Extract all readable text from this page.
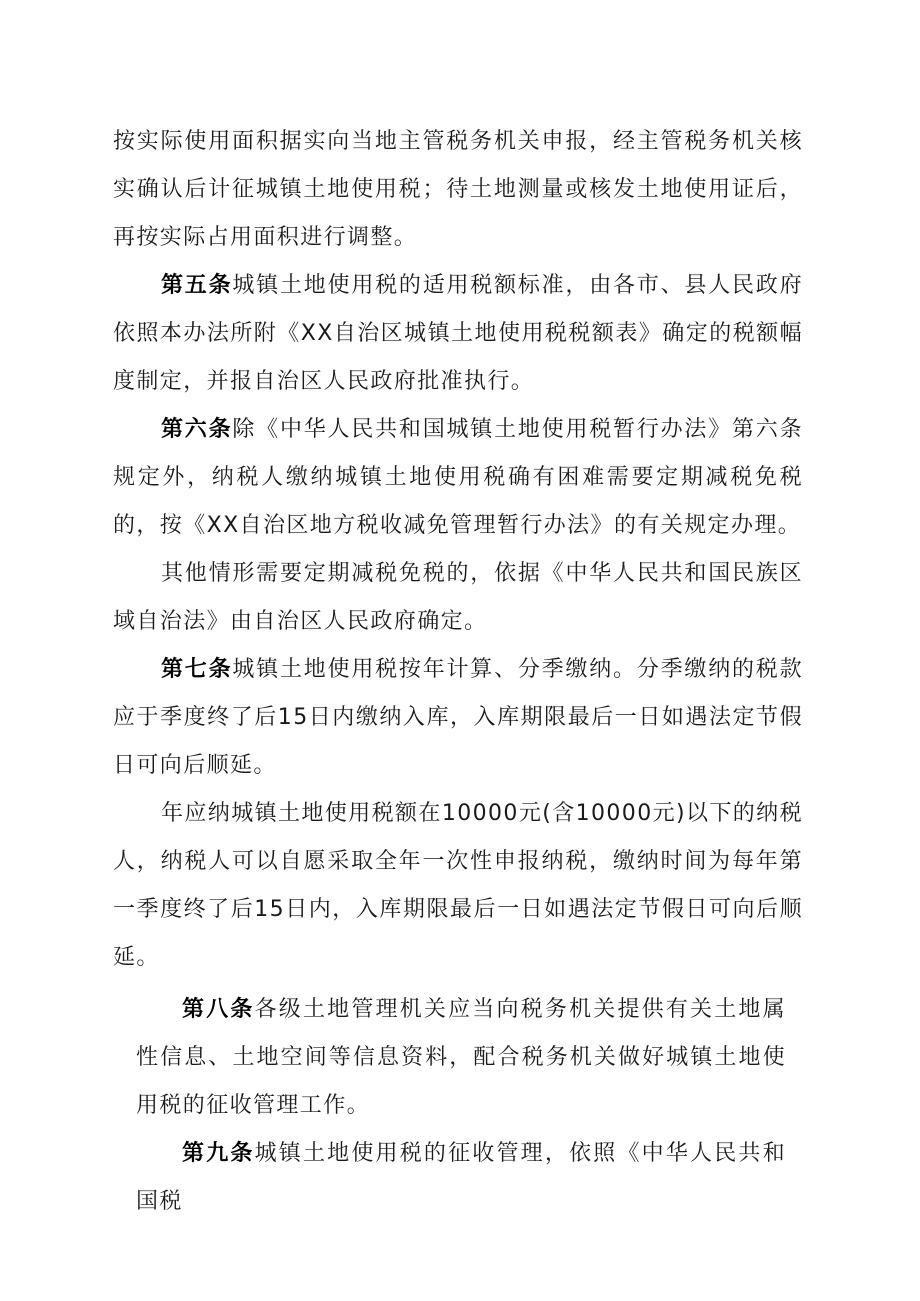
按实际使用面积据实向当地主管税务机关申报，经主管税务机关核实确认后计征城镇土地使用税；待土地测量或核发土地使用证后，再按实际占用面积进行调整。

第五条城镇土地使用税的适用税额标准，由各市、县人民政府依照本办法所附《XX自治区城镇土地使用税税额表》确定的税额幅度制定，并报自治区人民政府批准执行。

第六条除《中华人民共和国城镇土地使用税暂行办法》第六条规定外，纳税人缴纳城镇土地使用税确有困难需要定期减税免税的，按《XX自治区地方税收减免管理暂行办法》的有关规定办理。

其他情形需要定期减税免税的，依据《中华人民共和国民族区域自治法》由自治区人民政府确定。

第七条城镇土地使用税按年计算、分季缴纳。分季缴纳的税款应于季度终了后15日内缴纳入库，入库期限最后一日如遇法定节假日可向后顺延。

年应纳城镇土地使用税额在10000元(含10000元)以下的纳税人，纳税人可以自愿采取全年一次性申报纳税，缴纳时间为每年第一季度终了后15日内，入库期限最后一日如遇法定节假日可向后顺延。

第八条各级土地管理机关应当向税务机关提供有关土地属性信息、土地空间等信息资料，配合税务机关做好城镇土地使用税的征收管理工作。

第九条城镇土地使用税的征收管理，依照《中华人民共和国税
